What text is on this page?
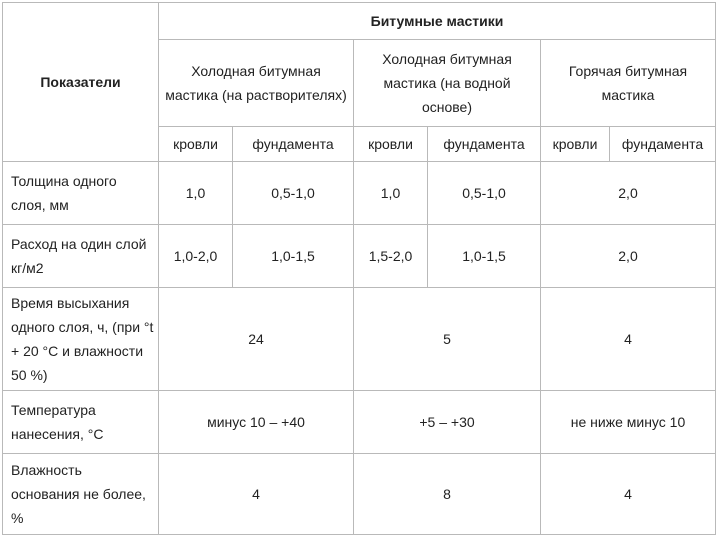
Показатели	Битумные мастики					
	Холодная битумная мастика (на растворителях)		Холодная битумная мастика (на водной основе)		Горячая битумная мастика	
	кровли	фундамента	кровли	фундамента	кровли	фундамента
Толщина одного слоя, мм	1,0	0,5-1,0	1,0	0,5-1,0	2,0	
Расход на один слой кг/м2	1,0-2,0	1,0-1,5	1,5-2,0	1,0-1,5	2,0	
Время высыхания одного слоя, ч, (при °t + 20 °С и влажности 50 %)	24		5		4	
Температура нанесения, °С	минус 10 – +40		+5 – +30		не ниже минус 10	
Влажность основания не более, %	4		8		4	
